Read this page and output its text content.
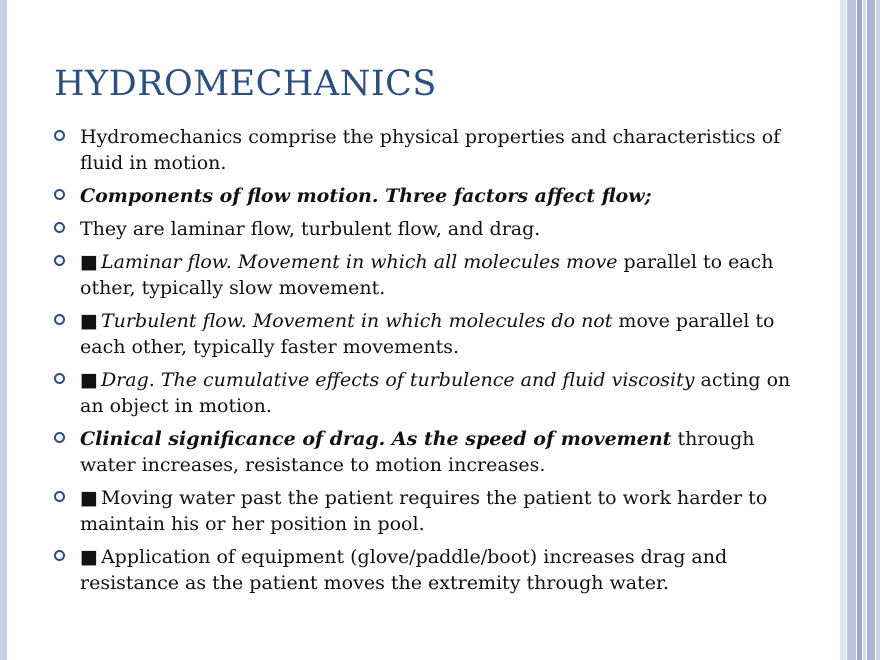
HYDROMECHANICS
Hydromechanics comprise the physical properties and characteristics of fluid in motion.
Components of flow motion. Three factors affect flow;
They are laminar flow, turbulent flow, and drag.
■ Laminar flow. Movement in which all molecules move parallel to each other, typically slow movement.
■ Turbulent flow. Movement in which molecules do not move parallel to each other, typically faster movements.
■ Drag. The cumulative effects of turbulence and fluid viscosity acting on an object in motion.
Clinical significance of drag. As the speed of movement through water increases, resistance to motion increases.
■ Moving water past the patient requires the patient to work harder to maintain his or her position in pool.
■ Application of equipment (glove/paddle/boot) increases drag and resistance as the patient moves the extremity through water.
